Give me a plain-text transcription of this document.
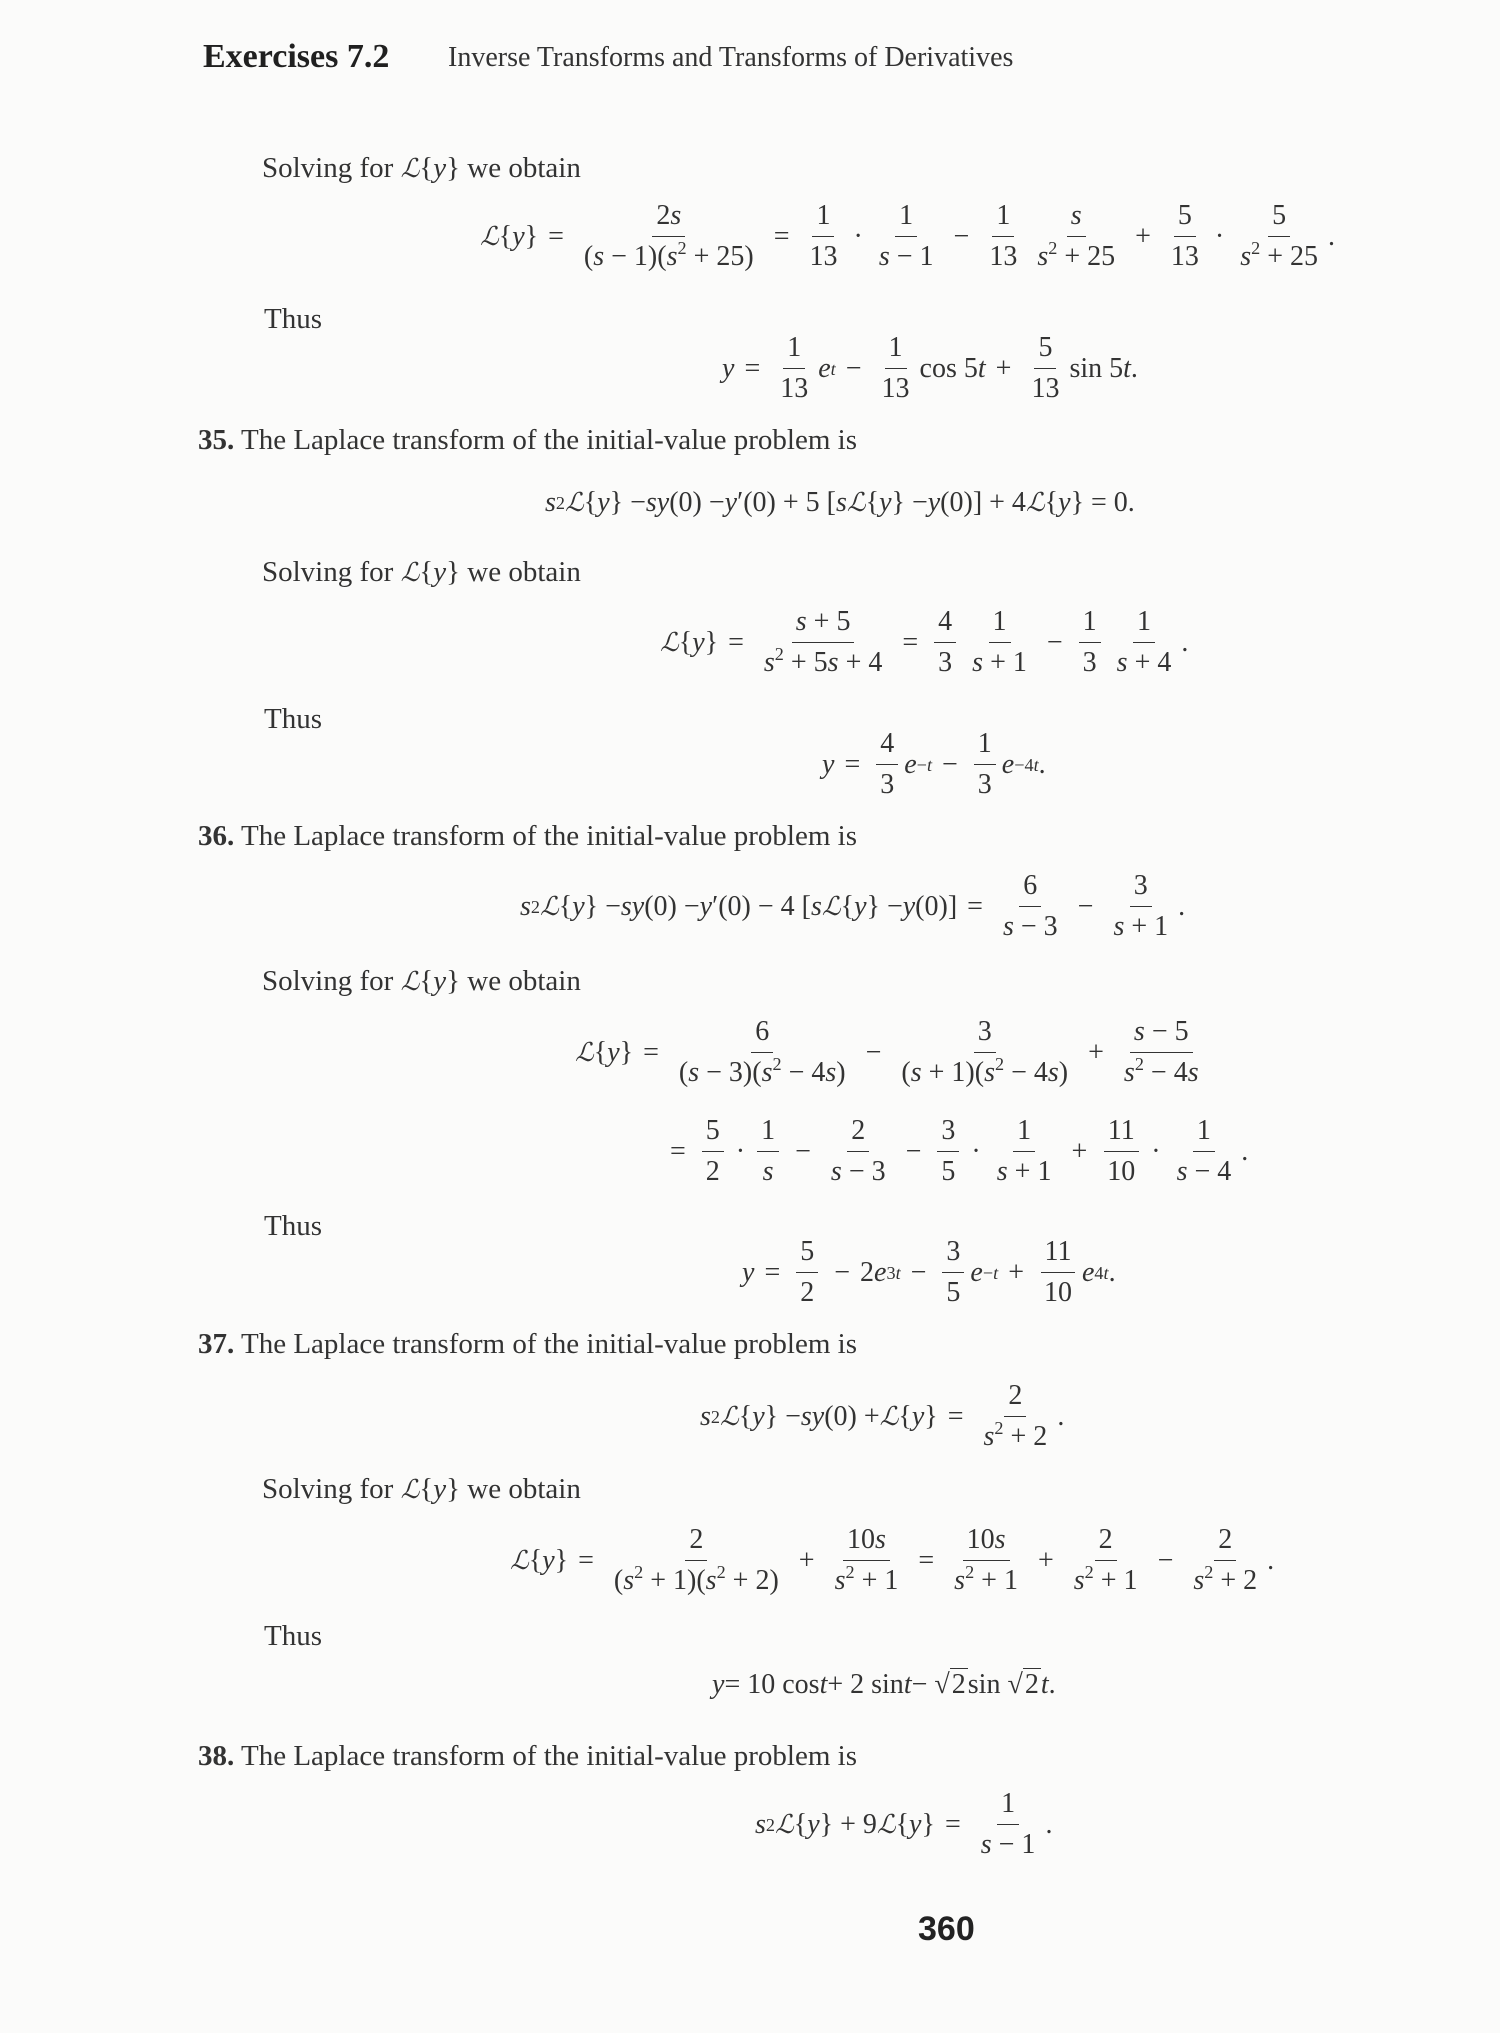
Exercises 7.2 Inverse Transforms and Transforms of Derivatives
Solving for ℒ{y} we obtain
ℒ { y } = $\frac{2s}{(s - 1)(s^2 + 25)} = \frac{1}{13} \cdot \frac{1}{s - 1} - \frac{1}{13} \frac{s}{s^2 + 25} + \frac{5}{13} \cdot \frac{5}{s^2 + 25}$ .
Thus
$y = \frac{1}{13}$ e $t - \frac{1}{13}$ cos 5 $t + \frac{5}{13}$ sin 5 t .
35. The Laplace transform of the initial-value problem is
s 2 ℒ { y } − sy (0) − y ′(0) + 5 [ s ℒ { y } − y (0)] + 4 ℒ { y } = 0.
Solving for ℒ{y} we obtain
ℒ { y } = $\frac{s + 5}{s^2 + 5s + 4} = \frac{4}{3} \frac{1}{s + 1} - \frac{1}{3} \frac{1}{s + 4}$ .
Thus
$y = \frac{4}{3}$ $e -t - \frac{1}{3}$ e −4t .
36. The Laplace transform of the initial-value problem is
s 2 ℒ { y } − sy (0) − y ′(0) − 4 [ s ℒ { y } − y $(0)] = \frac{6}{s - 3} - \frac{3}{s + 1}$ .
Solving for ℒ{y} we obtain
ℒ { y } = $\frac{6}{(s - 3)(s^2 - 4s)} - \frac{3}{(s + 1)(s^2 - 4s)} + \frac{s - 5}{s^2 - 4s}$
= $\frac{5}{2} \cdot \frac{1}{s} - \frac{2}{s - 3} - \frac{3}{5} \cdot \frac{1}{s + 1} + \frac{11}{10} \cdot \frac{1}{s - 4}$ .
Thus
$y = \frac{5}{2} - 2$ e $3t - \frac{3}{5}$ $e -t + \frac{11}{10}$ e 4t .
37. The Laplace transform of the initial-value problem is
s 2 ℒ { y } − sy (0) + ℒ { y } = $\frac{2}{s^2 + 2}$ .
Solving for ℒ{y} we obtain
ℒ { y } = $\frac{2}{(s^2 + 1)(s^2 + 2)} + \frac{10s}{s^2 + 1} = \frac{10s}{s^2 + 1} + \frac{2}{s^2 + 1} - \frac{2}{s^2 + 2}$ .
Thus
y = 10 cos t + 2 sin t − √ 2 sin √ 2 t .
38. The Laplace transform of the initial-value problem is
s 2 ℒ { y } + 9 ℒ { y } = $\frac{1}{s - 1}$ .
360
